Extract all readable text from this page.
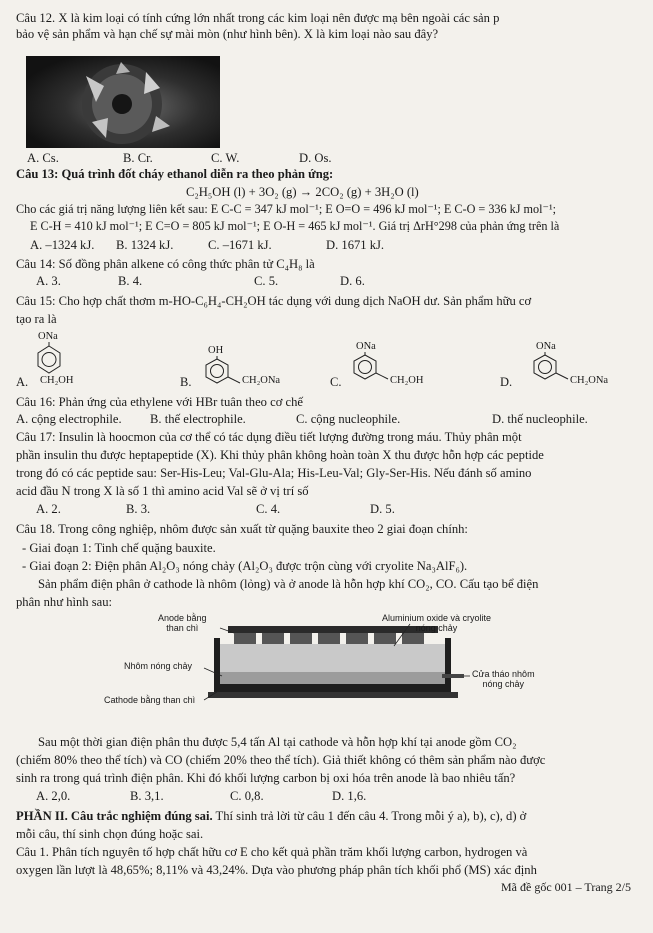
Câu 12. X là kim loại có tính cứng lớn nhất trong các kim loại nên được mạ bên ngoài các sản p
bảo vệ sản phẩm và hạn chế sự mài mòn (như hình bên). X là kim loại nào sau đây?
A. Cs.	B. Cr.	C. W.	D. Os.
Câu 13: Quá trình đốt cháy ethanol diễn ra theo phản ứng:
C₂H₅OH (l) + 3O₂ (g) → 2CO₂ (g) + 3H₂O (l)
Cho các giá trị năng lượng liên kết sau: E C-C = 347 kJ mol⁻¹; E O=O = 496 kJ mol⁻¹; E C-O = 336 kJ mol⁻¹;
E C-H = 410 kJ mol⁻¹; E C=O = 805 kJ mol⁻¹; E O-H = 465 kJ mol⁻¹. Giá trị ΔrH°298 của phản ứng trên là
A. –1324 kJ.	B. 1324 kJ.	C. –1671 kJ.	D. 1671 kJ.
Câu 14: Số đồng phân alkene có công thức phân tử C₄H₈ là
A. 3.	B. 4.	C. 5.	D. 6.
Câu 15: Cho hợp chất thơm m-HO-C₆H₄-CH₂OH tác dụng với dung dịch NaOH dư. Sản phẩm hữu cơ
tạo ra là
ONa
A. CH₂OH
OH
B.	CH₂ONa
ONa
C.	CH₂OH
ONa
D.	CH₂ONa
Câu 16: Phản ứng của ethylene với HBr tuân theo cơ chế
A. cộng electrophile.	B. thế electrophile.	C. cộng nucleophile.	D. thế nucleophile.
Câu 17: Insulin là hoocmon của cơ thể có tác dụng điều tiết lượng đường trong máu. Thủy phân một
phần insulin thu được heptapeptide (X). Khi thủy phân không hoàn toàn X thu được hỗn hợp các peptide
trong đó có các peptide sau: Ser-His-Leu; Val-Glu-Ala; His-Leu-Val; Gly-Ser-His. Nếu đánh số amino
acid đầu N trong X là số 1 thì amino acid Val sẽ ở vị trí số
A. 2.	B. 3.	C. 4.	D. 5.
Câu 18. Trong công nghiệp, nhôm được sản xuất từ quặng bauxite theo 2 giai đoạn chính:
- Giai đoạn 1: Tinh chế quặng bauxite.
- Giai đoạn 2: Điện phân Al₂O₃ nóng chảy (Al₂O₃ được trộn cùng với cryolite Na₃AlF₆).
Sản phẩm điện phân ở cathode là nhôm (lỏng) và ở anode là hỗn hợp khí CO₂, CO. Cấu tạo bể điện
phân như hình sau:
Anode bằng
than chì
Aluminium oxide và cryolite
nóng chảy
Nhôm nóng chảy
Cathode bằng than chì
Cửa tháo nhôm
nóng chảy
Sau một thời gian điện phân thu được 5,4 tấn Al tại cathode và hỗn hợp khí tại anode gồm CO₂
(chiếm 80% theo thể tích) và CO (chiếm 20% theo thể tích). Giả thiết không có thêm sản phẩm nào được
sinh ra trong quá trình điện phân. Khi đó khối lượng carbon bị oxi hóa trên anode là bao nhiêu tấn?
A. 2,0.	B. 3,1.	C. 0,8.	D. 1,6.
PHẦN II. Câu trắc nghiệm đúng sai. Thí sinh trả lời từ câu 1 đến câu 4. Trong mỗi ý a), b), c), d) ở
mỗi câu, thí sinh chọn đúng hoặc sai.
Câu 1. Phân tích nguyên tố hợp chất hữu cơ E cho kết quả phần trăm khối lượng carbon, hydrogen và
oxygen lần lượt là 48,65%; 8,11% và 43,24%. Dựa vào phương pháp phân tích khối phổ (MS) xác định
Mã đề gốc 001 – Trang 2/5
